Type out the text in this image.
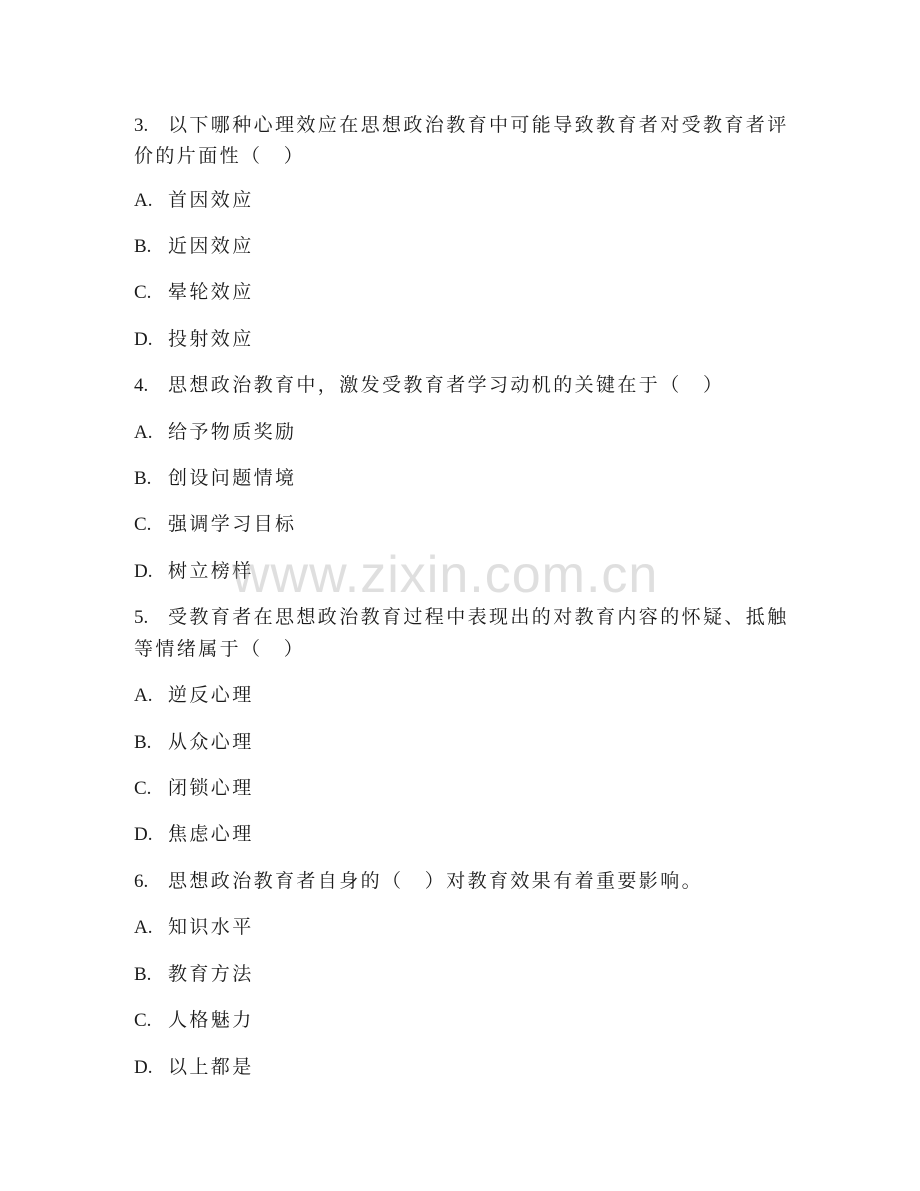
3. 以下哪种心理效应在思想政治教育中可能导致教育者对受教育者评
价的片面性（　）
A. 首因效应
B. 近因效应
C. 晕轮效应
D. 投射效应
4. 思想政治教育中，激发受教育者学习动机的关键在于（　）
A. 给予物质奖励
B. 创设问题情境
C. 强调学习目标
D. 树立榜样
5. 受教育者在思想政治教育过程中表现出的对教育内容的怀疑、抵触
等情绪属于（　）
A. 逆反心理
B. 从众心理
C. 闭锁心理
D. 焦虑心理
6. 思想政治教育者自身的（　）对教育效果有着重要影响。
A. 知识水平
B. 教育方法
C. 人格魅力
D. 以上都是
www.zixin.com.cn
